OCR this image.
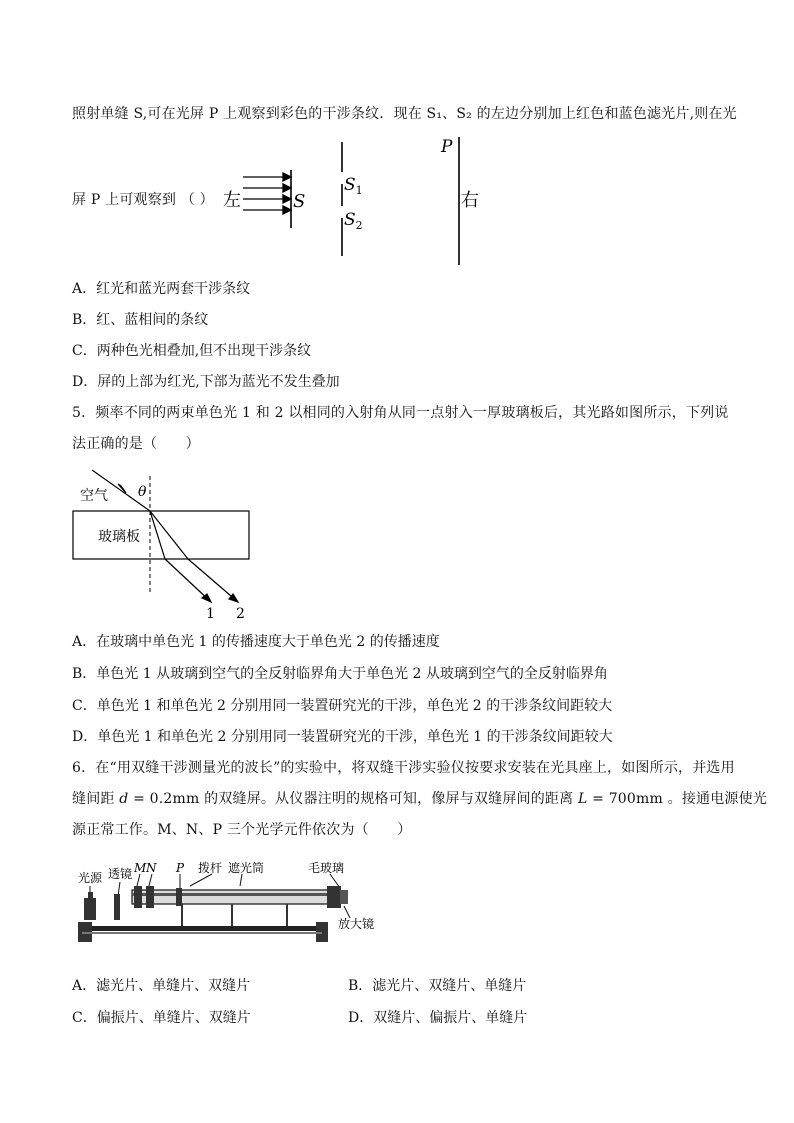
照射单缝 S,可在光屏 P 上观察到彩色的干涉条纹．现在 S₁、S₂ 的左边分别加上红色和蓝色滤光片,则在光
屏 P 上可观察到 （ ） 左	S
$S_1$
$S_2$
P
右
A．红光和蓝光两套干涉条纹
B．红、蓝相间的条纹
C．两种色光相叠加,但不出现干涉条纹
D．屏的上部为红光,下部为蓝光不发生叠加
5．频率不同的两束单色光 1 和 2 以相同的入射角从同一点射入一厚玻璃板后，其光路如图所示，下列说
法正确的是（　　）
空气 θ
玻璃板
1 2
A．在玻璃中单色光 1 的传播速度大于单色光 2 的传播速度
B．单色光 1 从玻璃到空气的全反射临界角大于单色光 2 从玻璃到空气的全反射临界角
C．单色光 1 和单色光 2 分别用同一装置研究光的干涉，单色光 2 的干涉条纹间距较大
D．单色光 1 和单色光 2 分别用同一装置研究光的干涉，单色光 1 的干涉条纹间距较大
6．在“用双缝干涉测量光的波长”的实验中，将双缝干涉实验仪按要求安装在光具座上，如图所示，并选用
缝间距 d = 0.2mm 的双缝屏。从仪器注明的规格可知，像屏与双缝屏间的距离 L = 700mm 。接通电源使光
源正常工作。M、N、P 三个光学元件依次为（　　）
光源 透镜 M N P 拨杆 遮光筒	毛玻璃
放大镜
A．滤光片、单缝片、双缝片	B．滤光片、双缝片、单缝片
C．偏振片、单缝片、双缝片	D．双缝片、偏振片、单缝片
